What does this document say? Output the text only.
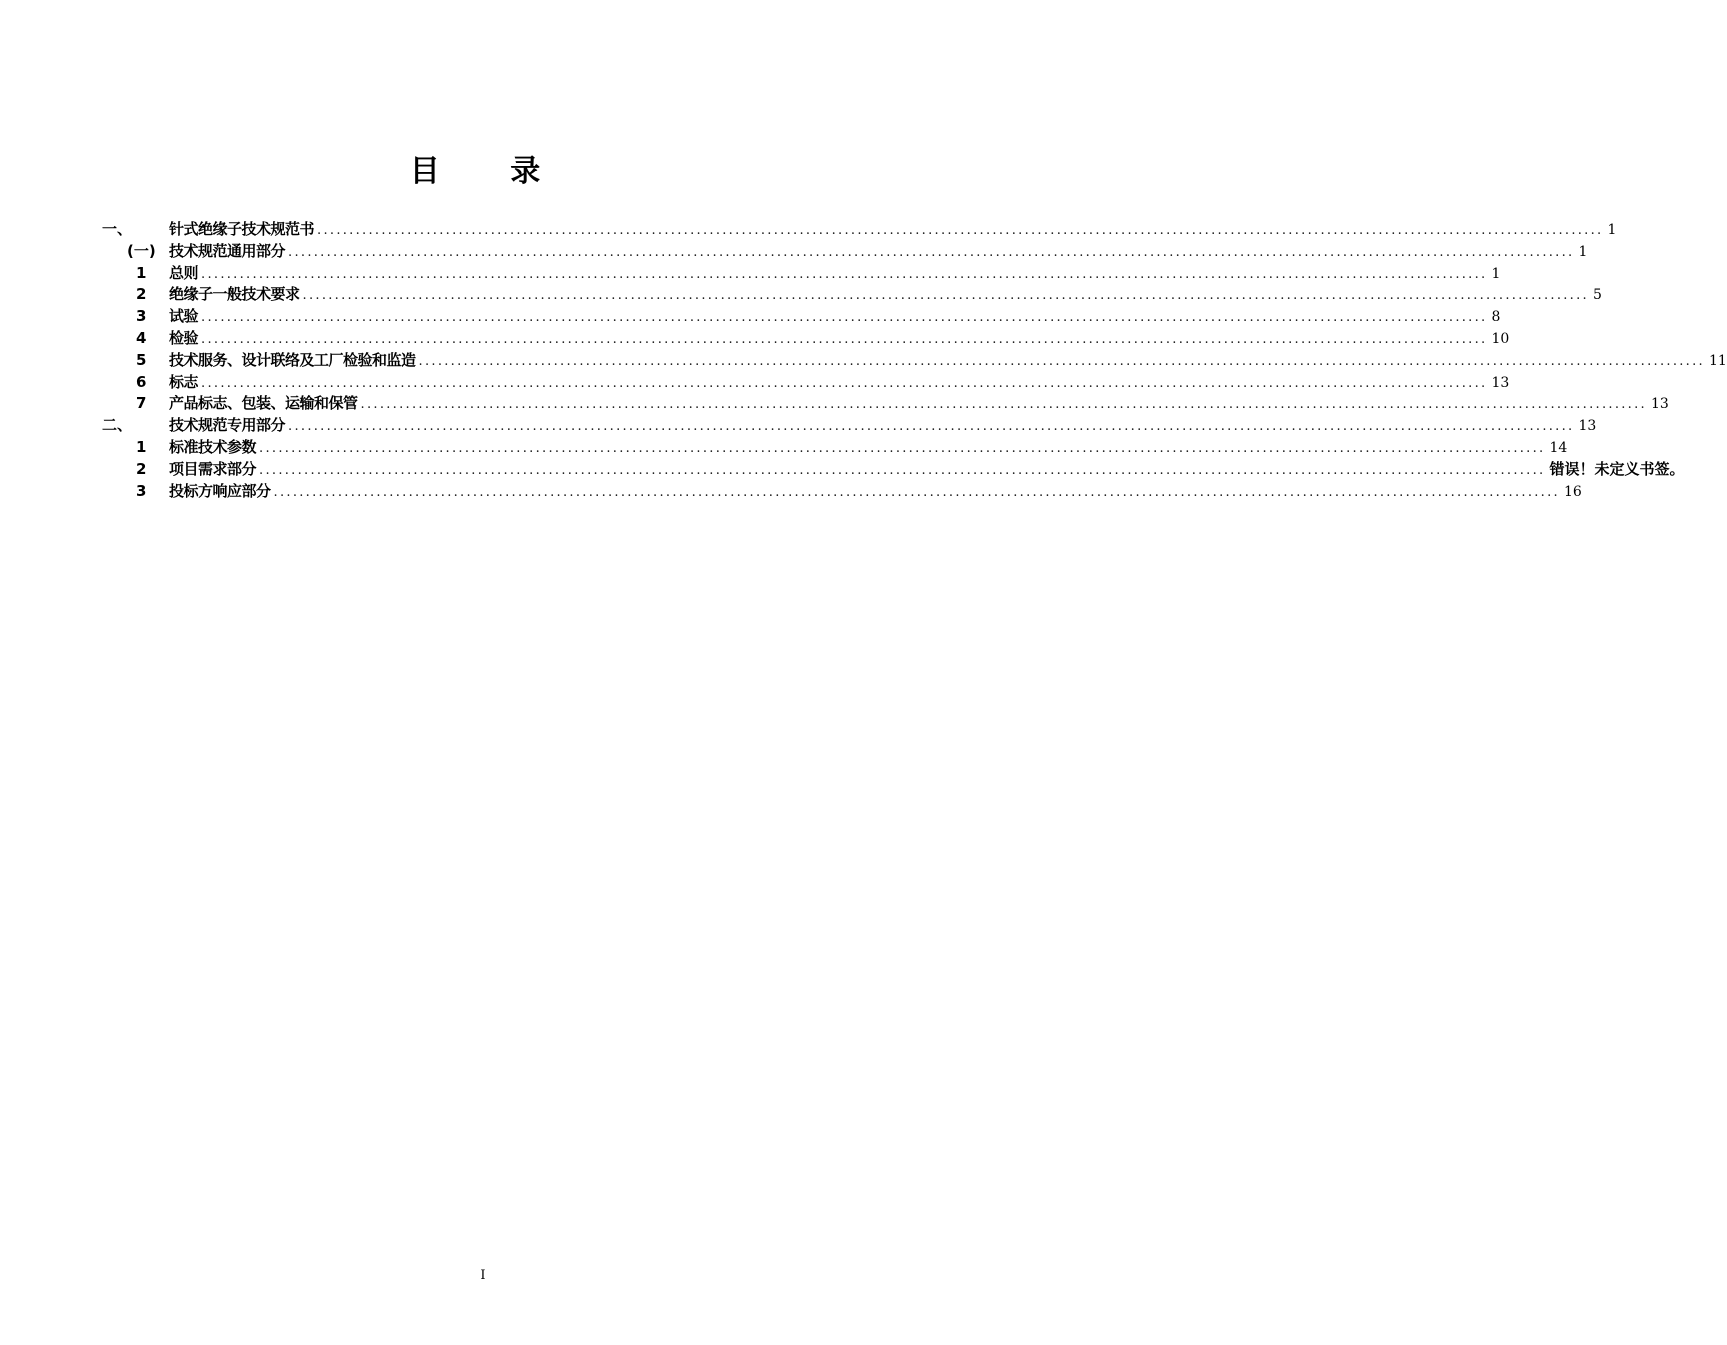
目 录
一、 针式绝缘子技术规范书 ........................................................................................................................................................................................................ 1
(一) 技术规范通用部分 ........................................................................................................................................................................................................ 1
1 总则 ........................................................................................................................................................................................................ 1
2 绝缘子一般技术要求 ........................................................................................................................................................................................................ 5
3 试验 ........................................................................................................................................................................................................ 8
4 检验 ........................................................................................................................................................................................................ 10
5 技术服务、设计联络及工厂检验和监造 ........................................................................................................................................................................................................ 11
6 标志 ........................................................................................................................................................................................................ 13
7 产品标志、包装、运输和保管 ........................................................................................................................................................................................................ 13
二、 技术规范专用部分 ........................................................................................................................................................................................................ 13
1 标准技术参数 ........................................................................................................................................................................................................ 14
2 项目需求部分 ........................................................................................................................................................................................................ 错误！未定义书签。
3 投标方响应部分 ........................................................................................................................................................................................................ 16
I
